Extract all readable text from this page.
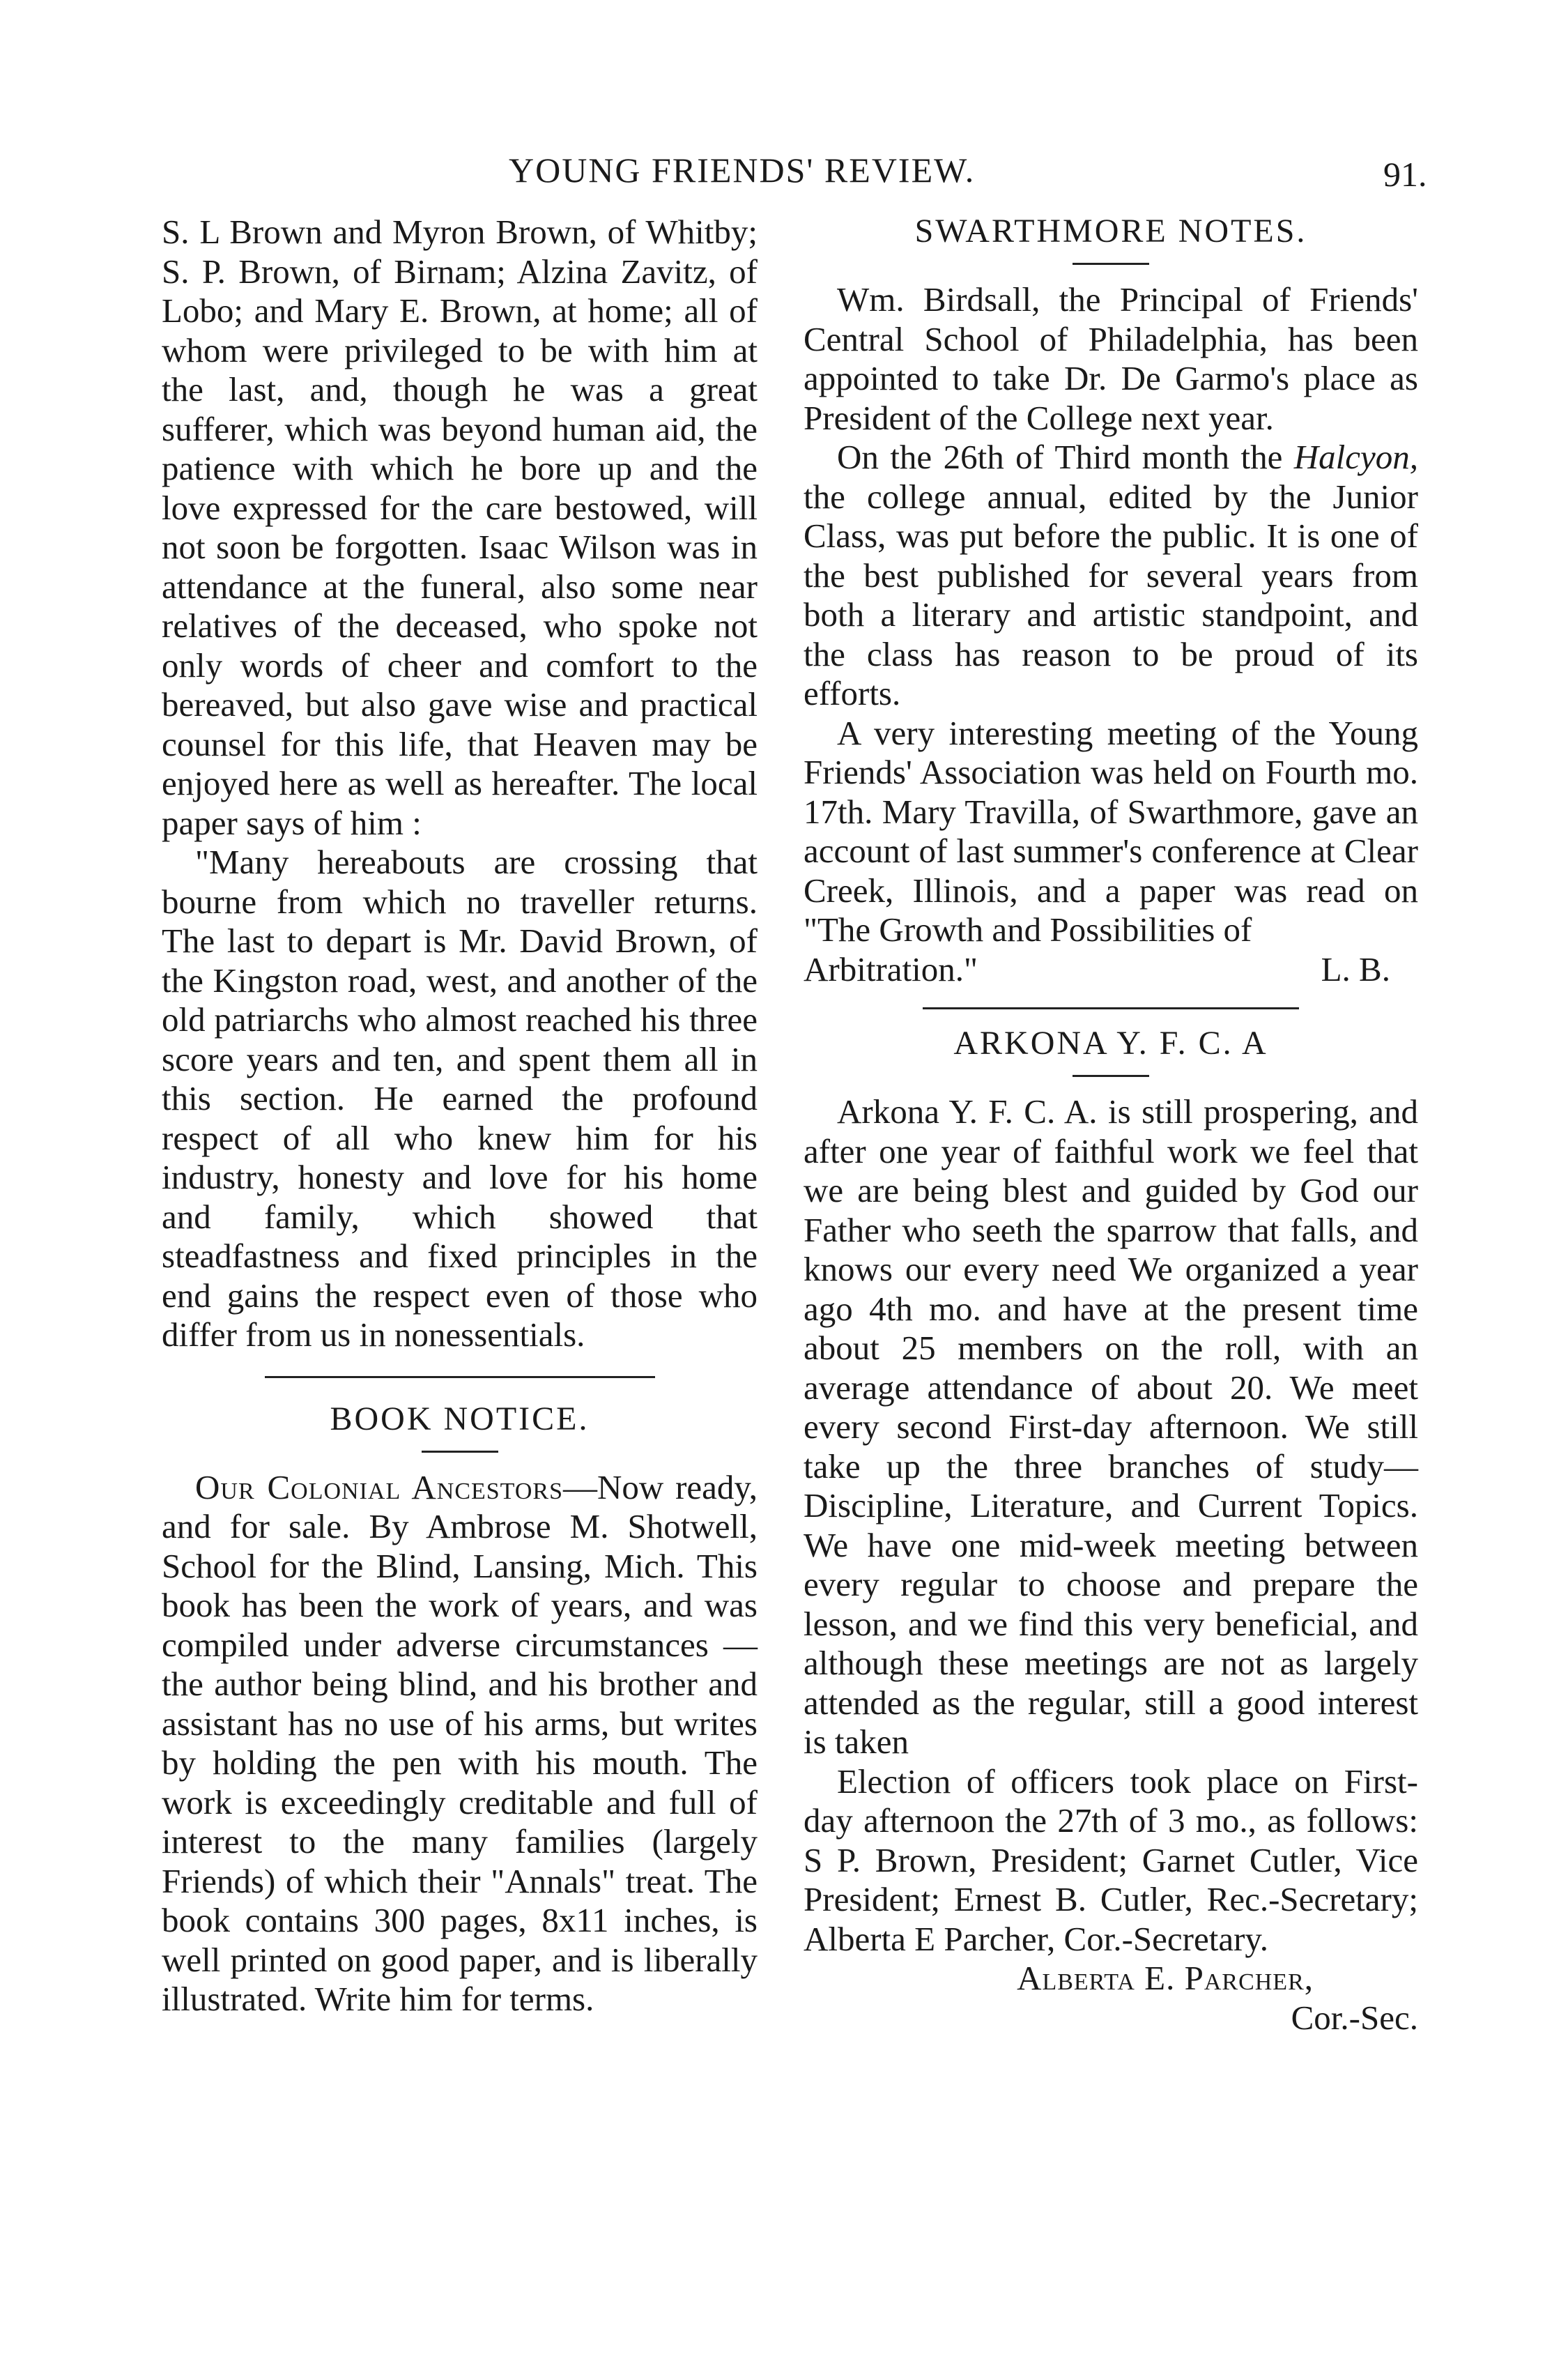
YOUNG FRIENDS' REVIEW.	91.

S. L Brown and Myron Brown, of Whitby; S. P. Brown, of Birnam; Alzina Zavitz, of Lobo; and Mary E. Brown, at home; all of whom were privileged to be with him at the last, and, though he was a great sufferer, which was beyond human aid, the patience with which he bore up and the love expressed for the care bestowed, will not soon be forgotten. Isaac Wilson was in attendance at the funeral, also some near relatives of the deceased, who spoke not only words of cheer and comfort to the bereaved, but also gave wise and practical counsel for this life, that Heaven may be enjoyed here as well as hereafter. The local paper says of him :

"Many hereabouts are crossing that bourne from which no traveller returns. The last to depart is Mr. David Brown, of the Kingston road, west, and another of the old patriarchs who almost reached his three score years and ten, and spent them all in this section. He earned the profound respect of all who knew him for his industry, honesty and love for his home and family, which showed that steadfastness and fixed principles in the end gains the respect even of those who differ from us in nonessentials.

BOOK NOTICE.

Our Colonial Ancestors—Now ready, and for sale. By Ambrose M. Shotwell, School for the Blind, Lansing, Mich. This book has been the work of years, and was compiled under adverse circumstances — the author being blind, and his brother and assistant has no use of his arms, but writes by holding the pen with his mouth. The work is exceedingly creditable and full of interest to the many families (largely Friends) of which their "Annals" treat. The book contains 300 pages, 8x11 inches, is well printed on good paper, and is liberally illustrated. Write him for terms.

SWARTHMORE NOTES.

Wm. Birdsall, the Principal of Friends' Central School of Philadelphia, has been appointed to take Dr. De Garmo's place as President of the College next year.

On the 26th of Third month the Halcyon, the college annual, edited by the Junior Class, was put before the public. It is one of the best published for several years from both a literary and artistic standpoint, and the class has reason to be proud of its efforts.

A very interesting meeting of the Young Friends' Association was held on Fourth mo. 17th. Mary Travilla, of Swarthmore, gave an account of last summer's conference at Clear Creek, Illinois, and a paper was read on "The Growth and Possibilities of

Arbitration."	L. B.

ARKONA Y. F. C. A

Arkona Y. F. C. A. is still prospering, and after one year of faithful work we feel that we are being blest and guided by God our Father who seeth the sparrow that falls, and knows our every need We organized a year ago 4th mo. and have at the present time about 25 members on the roll, with an average attendance of about 20. We meet every second First-day afternoon. We still take up the three branches of study—Discipline, Literature, and Current Topics. We have one mid-week meeting between every regular to choose and prepare the lesson, and we find this very beneficial, and although these meetings are not as largely attended as the regular, still a good interest is taken

Election of officers took place on First-day afternoon the 27th of 3 mo., as follows: S P. Brown, President; Garnet Cutler, Vice President; Ernest B. Cutler, Rec.-Secretary; Alberta E Parcher, Cor.-Secretary.

Alberta E. Parcher,

Cor.-Sec.
